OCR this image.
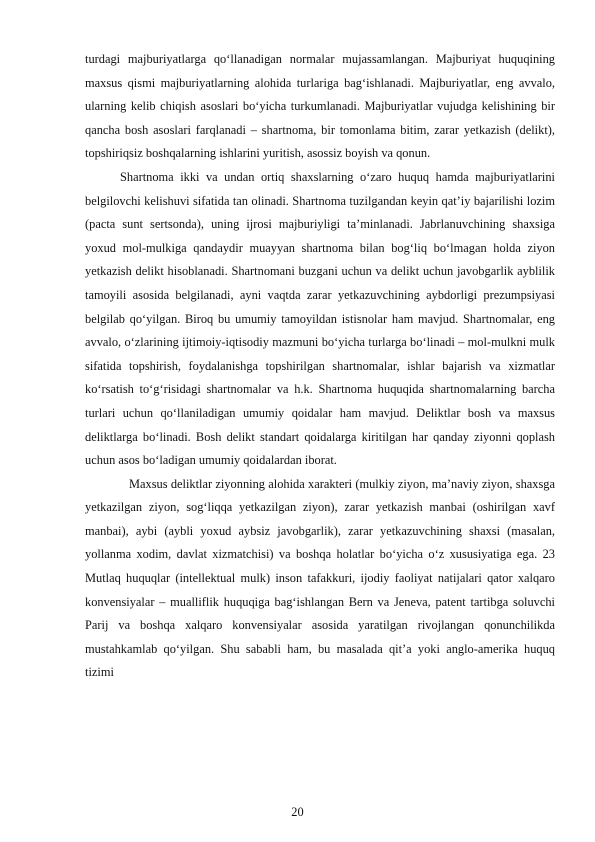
turdagi majburiyatlarga qo‘llanadigan normalar mujassamlangan. Majburiyat huquqining maxsus qismi majburiyatlarning alohida turlariga bag‘ishlanadi. Majburiyatlar, eng avvalo, ularning kelib chiqish asoslari bo‘yicha turkumlanadi. Majburiyatlar vujudga kelishining bir qancha bosh asoslari farqlanadi – shartnoma, bir tomonlama bitim, zarar yetkazish (delikt), topshiriqsiz boshqalarning ishlarini yuritish, asossiz boyish va qonun.

Shartnoma ikki va undan ortiq shaxslarning o‘zaro huquq hamda majburiyatlarini belgilovchi kelishuvi sifatida tan olinadi. Shartnoma tuzilgandan keyin qat’iy bajarilishi lozim (pacta sunt sertsonda), uning ijrosi majburiyligi ta’minlanadi. Jabrlanuvchining shaxsiga yoxud mol-mulkiga qandaydir muayyan shartnoma bilan bog‘liq bo‘lmagan holda ziyon yetkazish delikt hisoblanadi. Shartnomani buzgani uchun va delikt uchun javobgarlik ayblilik tamoyili asosida belgilanadi, ayni vaqtda zarar yetkazuvchining aybdorligi prezumpsiyasi belgilab qo‘yilgan. Biroq bu umumiy tamoyildan istisnolar ham mavjud. Shartnomalar, eng avvalo, o‘zlarining ijtimoiy-iqtisodiy mazmuni bo‘yicha turlarga bo‘linadi – mol-mulkni mulk sifatida topshirish, foydalanishga topshirilgan shartnomalar, ishlar bajarish va xizmatlar ko‘rsatish to‘g‘risidagi shartnomalar va h.k. Shartnoma huquqida shartnomalarning barcha turlari uchun qo‘llaniladigan umumiy qoidalar ham mavjud. Deliktlar bosh va maxsus deliktlarga bo‘linadi. Bosh delikt standart qoidalarga kiritilgan har qanday ziyonni qoplash uchun asos bo‘ladigan umumiy qoidalardan iborat.

Maxsus deliktlar ziyonning alohida xarakteri (mulkiy ziyon, ma’naviy ziyon, shaxsga yetkazilgan ziyon, sog‘liqqa yetkazilgan ziyon), zarar yetkazish manbai (oshirilgan xavf manbai), aybi (aybli yoxud aybsiz javobgarlik), zarar yetkazuvchining shaxsi (masalan, yollanma xodim, davlat xizmatchisi) va boshqa holatlar bo‘yicha o‘z xususiyatiga ega. 23 Mutlaq huquqlar (intellektual mulk) inson tafakkuri, ijodiy faoliyat natijalari qator xalqaro konvensiyalar – mualliflik huquqiga bag‘ishlangan Bern va Jeneva, patent tartibga soluvchi Parij va boshqa xalqaro konvensiyalar asosida yaratilgan rivojlangan qonunchilikda mustahkamlab qo‘yilgan. Shu sababli ham, bu masalada qit’a yoki anglo-amerika huquq tizimi

20
